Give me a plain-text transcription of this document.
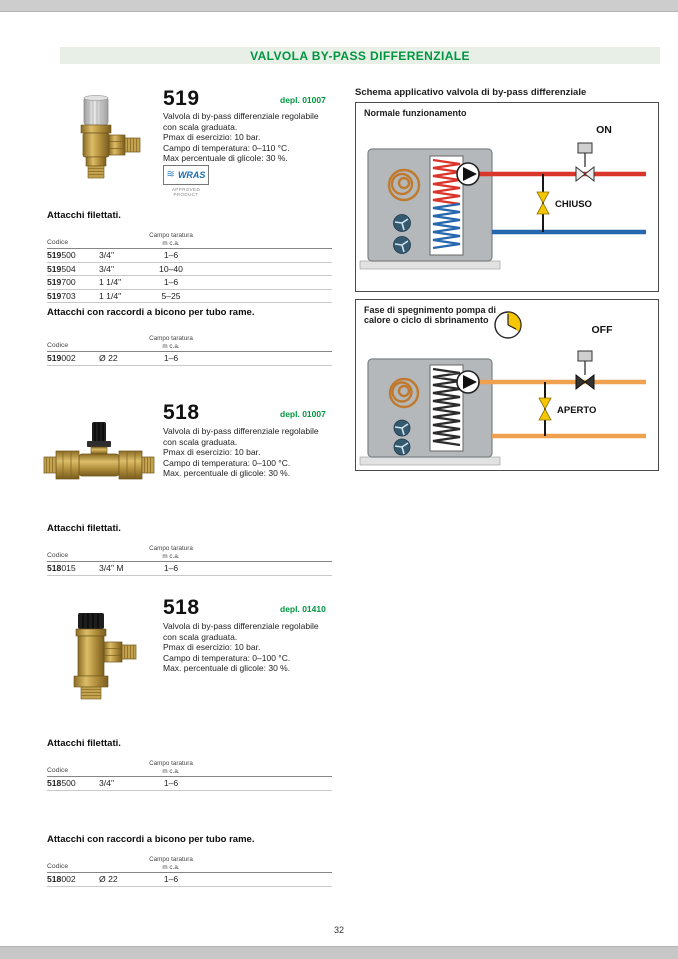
VALVOLA BY-PASS DIFFERENZIALE
519	depl. 01007
Valvola di by-pass differenziale regolabile
con scala graduata.
Pmax di esercizio: 10 bar.
Campo di temperatura: 0–110 °C.
Max percentuale di glicole: 30 %.
≋ WRAS
APPROVED PRODUCT
Attacchi filettati.
Codice
Campo taratura
m c.a.
519500	3/4"	1–6
519504	3/4"	10–40
519700	1 1/4"	1–6
519703	1 1/4"	5–25
Attacchi con raccordi a bicono per tubo rame.
Codice
Campo taratura
m c.a.
519002	Ø 22	1–6
518	depl. 01007
Valvola di by-pass differenziale regolabile
con scala graduata.
Pmax di esercizio: 10 bar.
Campo di temperatura: 0–100 °C.
Max. percentuale di glicole: 30 %.
Attacchi filettati.
Codice
Campo taratura
m c.a.
518015	3/4" M	1–6
518	depl. 01410
Valvola di by-pass differenziale regolabile
con scala graduata.
Pmax di esercizio: 10 bar.
Campo di temperatura: 0–100 °C.
Max. percentuale di glicole: 30 %.
Attacchi filettati.
Codice
Campo taratura
m c.a.
518500	3/4"	1–6
Attacchi con raccordi a bicono per tubo rame.
Codice
Campo taratura
m c.a.
518002	Ø 22	1–6
Schema applicativo valvola di by-pass differenziale
Normale funzionamento
CHIUSO
ON
Fase di spegnimento pompa di
calore o ciclo di sbrinamento
APERTO
OFF
32
